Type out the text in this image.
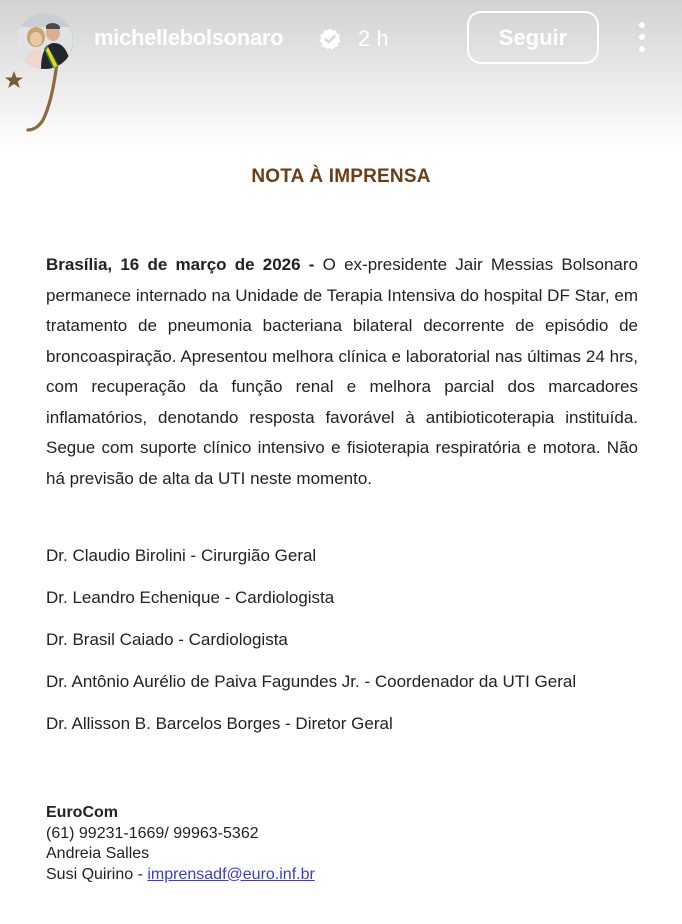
michellebolsonaro	2 h	Seguir
NOTA À IMPRENSA

Brasília, 16 de março de 2026 - O ex-presidente Jair Messias Bolsonaro permanece internado na Unidade de Terapia Intensiva do hospital DF Star, em tratamento de pneumonia bacteriana bilateral decorrente de episódio de broncoaspiração. Apresentou melhora clínica e laboratorial nas últimas 24 hrs, com recuperação da função renal e melhora parcial dos marcadores inflamatórios, denotando resposta favorável à antibioticoterapia instituída. Segue com suporte clínico intensivo e fisioterapia respiratória e motora. Não há previsão de alta da UTI neste momento.

Dr. Claudio Birolini - Cirurgião Geral
Dr. Leandro Echenique - Cardiologista
Dr. Brasil Caiado - Cardiologista
Dr. Antônio Aurélio de Paiva Fagundes Jr. - Coordenador da UTI Geral
Dr. Allisson B. Barcelos Borges - Diretor Geral
EuroCom
(61) 99231-1669/ 99963-5362
Andreia Salles
Susi Quirino - imprensadf@euro.inf.br
